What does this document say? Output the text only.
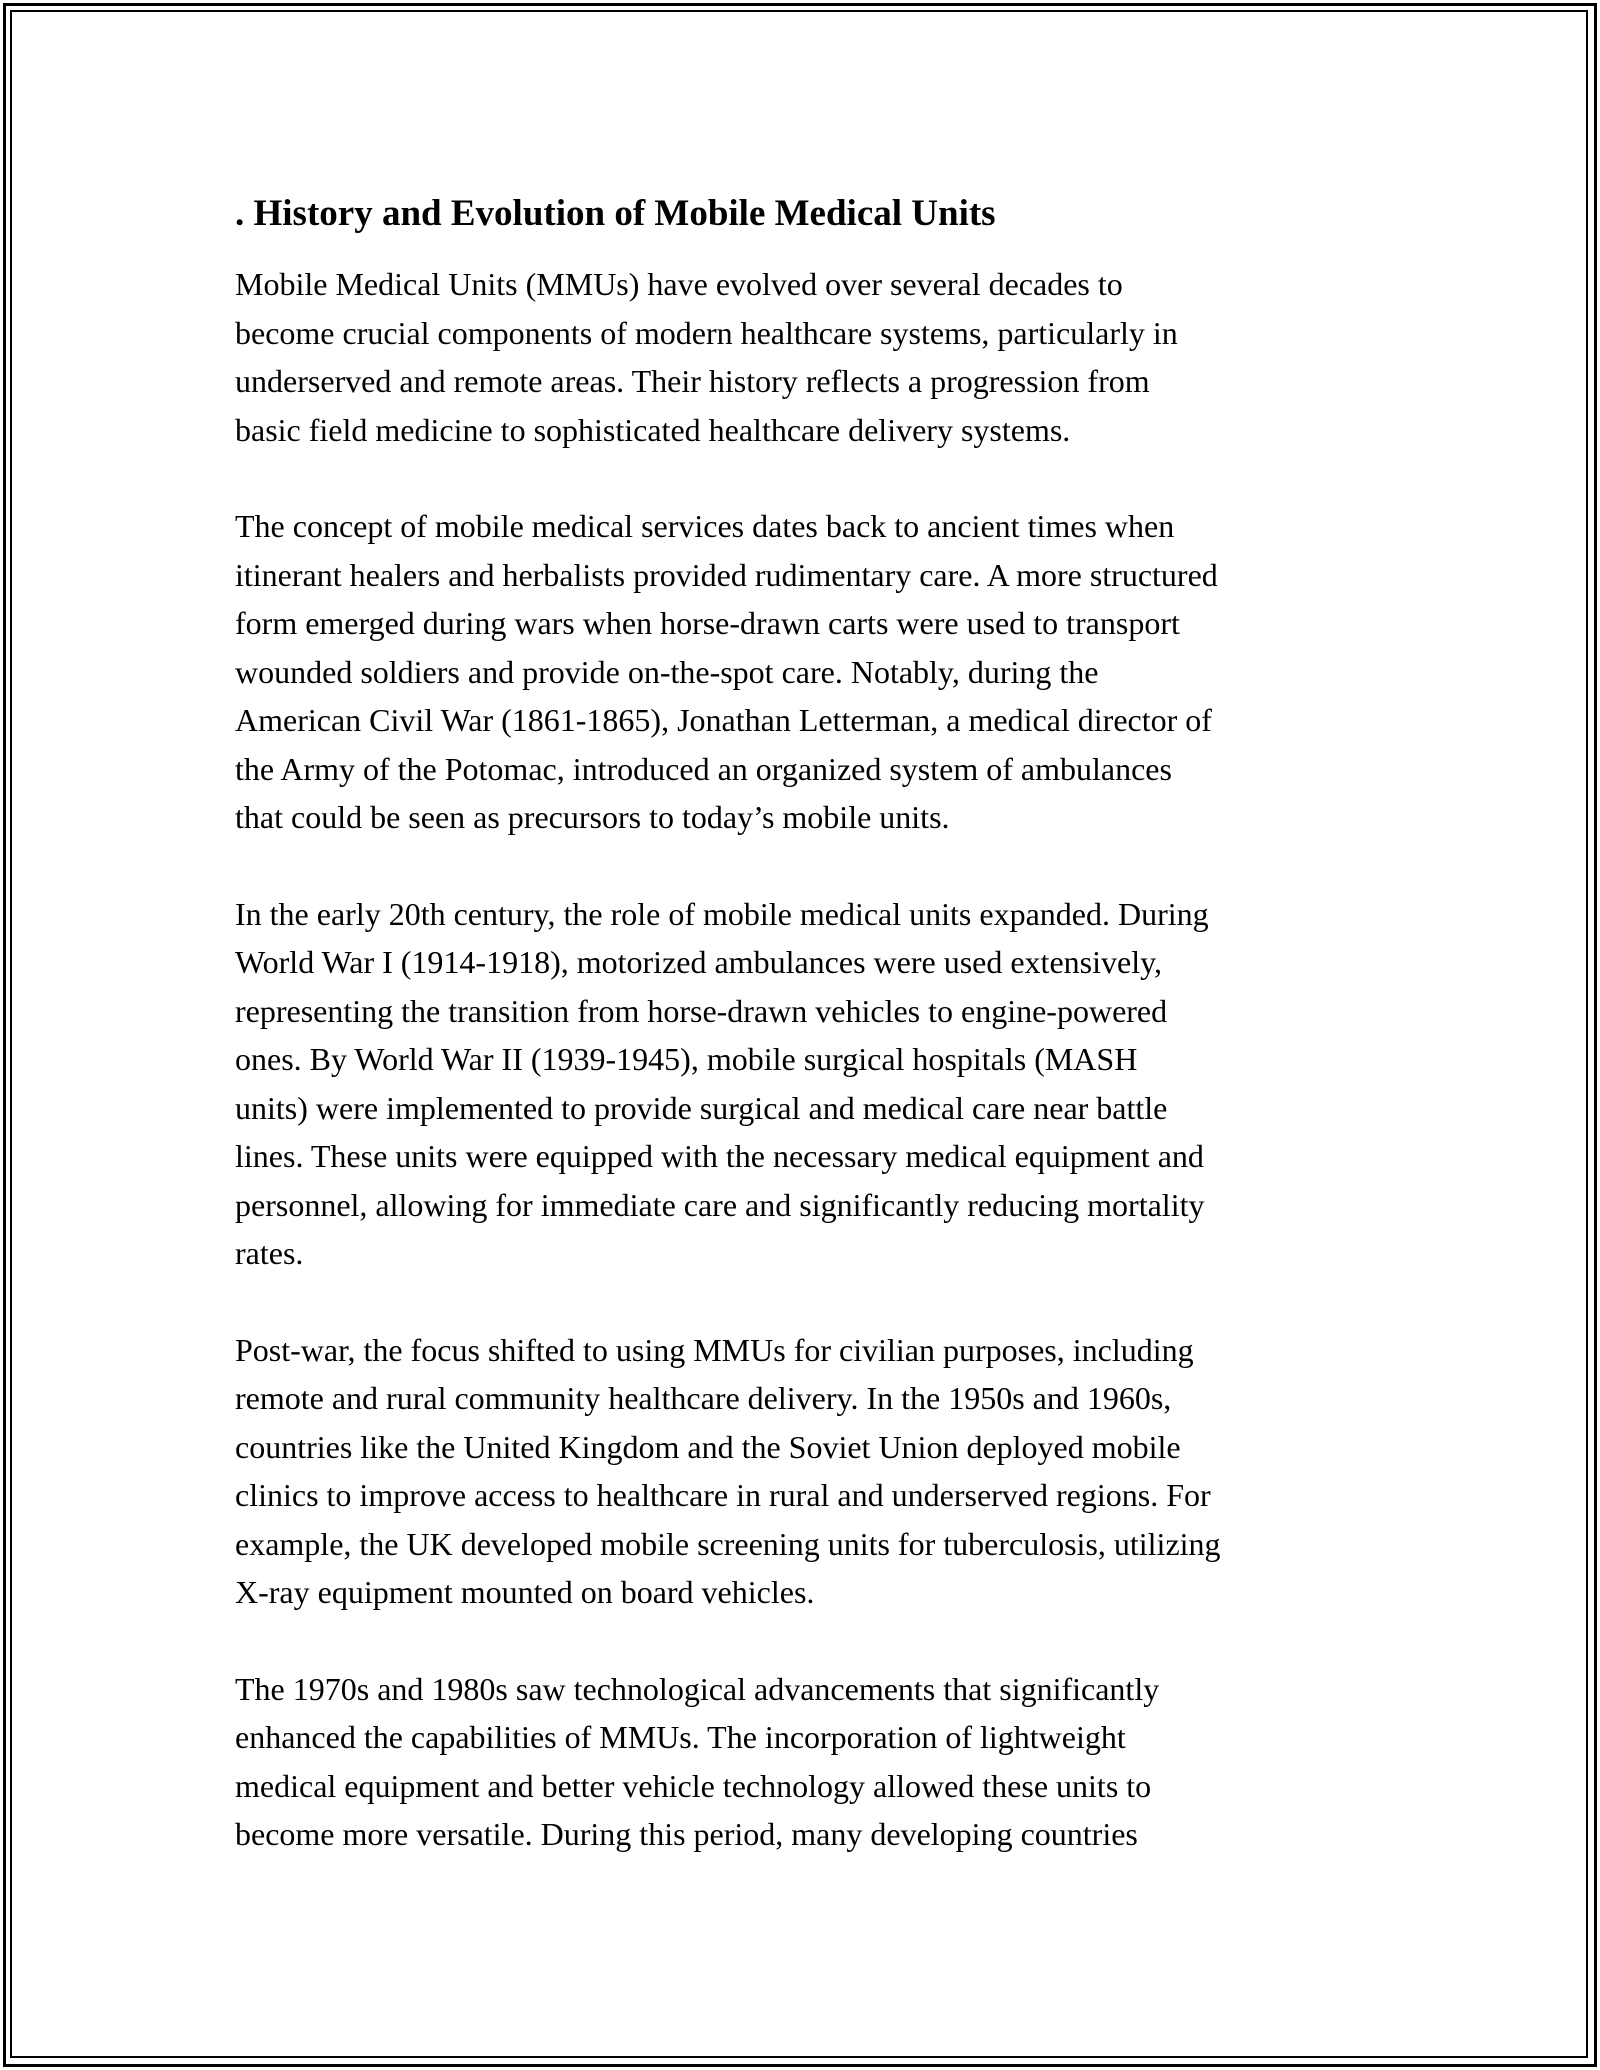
. History and Evolution of Mobile Medical Units
Mobile Medical Units (MMUs) have evolved over several decades to
become crucial components of modern healthcare systems, particularly in
underserved and remote areas. Their history reflects a progression from
basic field medicine to sophisticated healthcare delivery systems.
The concept of mobile medical services dates back to ancient times when
itinerant healers and herbalists provided rudimentary care. A more structured
form emerged during wars when horse-drawn carts were used to transport
wounded soldiers and provide on-the-spot care. Notably, during the
American Civil War (1861-1865), Jonathan Letterman, a medical director of
the Army of the Potomac, introduced an organized system of ambulances
that could be seen as precursors to today’s mobile units.
In the early 20th century, the role of mobile medical units expanded. During
World War I (1914-1918), motorized ambulances were used extensively,
representing the transition from horse-drawn vehicles to engine-powered
ones. By World War II (1939-1945), mobile surgical hospitals (MASH
units) were implemented to provide surgical and medical care near battle
lines. These units were equipped with the necessary medical equipment and
personnel, allowing for immediate care and significantly reducing mortality
rates.
Post-war, the focus shifted to using MMUs for civilian purposes, including
remote and rural community healthcare delivery. In the 1950s and 1960s,
countries like the United Kingdom and the Soviet Union deployed mobile
clinics to improve access to healthcare in rural and underserved regions. For
example, the UK developed mobile screening units for tuberculosis, utilizing
X-ray equipment mounted on board vehicles.
The 1970s and 1980s saw technological advancements that significantly
enhanced the capabilities of MMUs. The incorporation of lightweight
medical equipment and better vehicle technology allowed these units to
become more versatile. During this period, many developing countries
